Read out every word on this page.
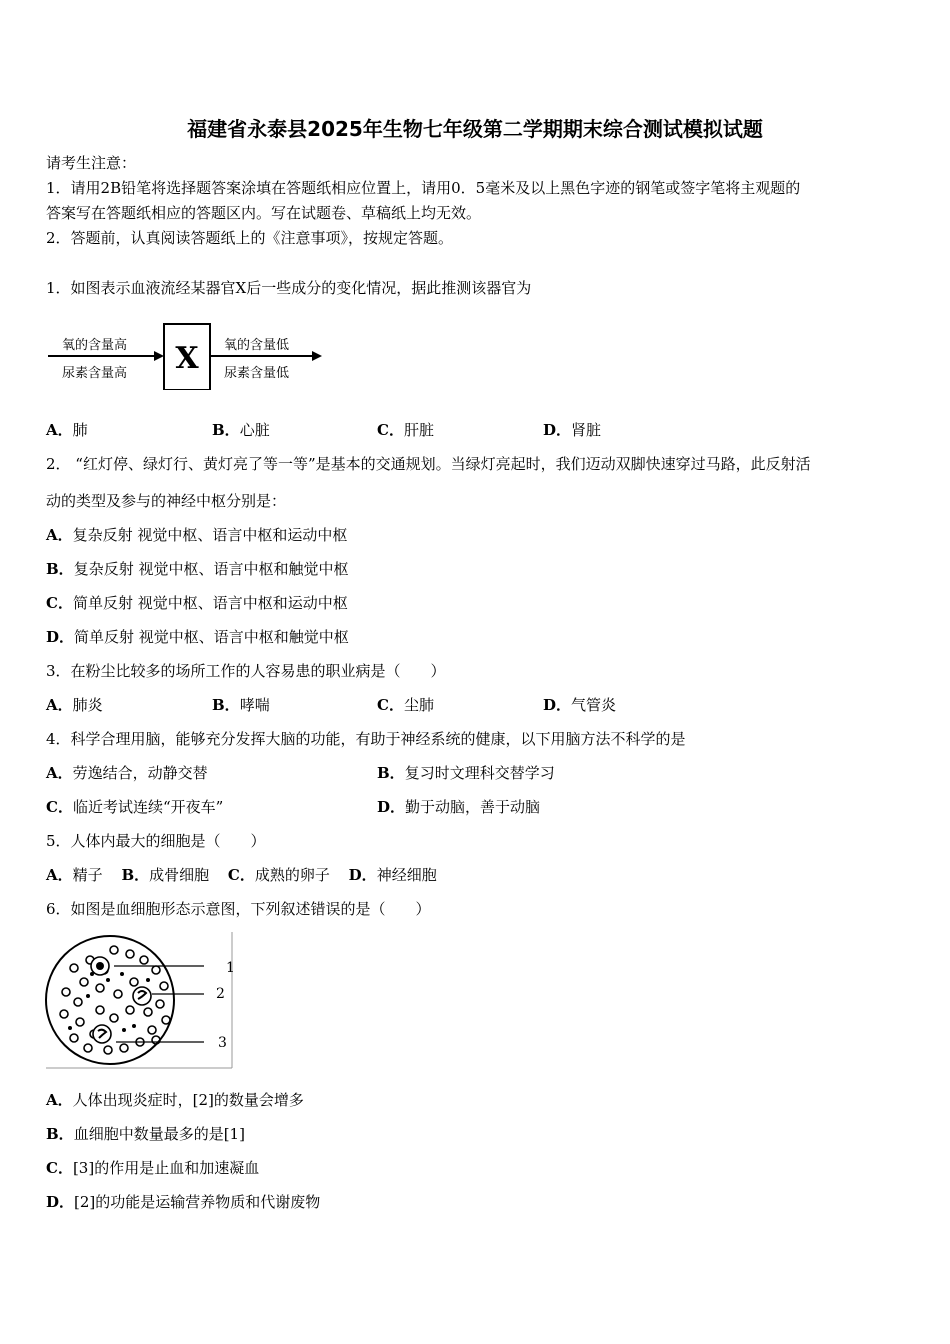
福建省永泰县2025年生物七年级第二学期期末综合测试模拟试题
请考生注意：
1．请用2B铅笔将选择题答案涂填在答题纸相应位置上，请用0．5毫米及以上黑色字迹的钢笔或签字笔将主观题的
答案写在答题纸相应的答题区内。写在试题卷、草稿纸上均无效。
2．答题前，认真阅读答题纸上的《注意事项》，按规定答题。
1．如图表示血液流经某器官X后一些成分的变化情况，据此推测该器官为
X
氧的含量高
尿素含量高
氧的含量低
尿素含量低
A．肺	B．心脏	C．肝脏	D．肾脏
2． “红灯停、绿灯行、黄灯亮了等一等”是基本的交通规划。当绿灯亮起时，我们迈动双脚快速穿过马路，此反射活
动的类型及参与的神经中枢分别是：
A．复杂反射 视觉中枢、语言中枢和运动中枢
B．复杂反射 视觉中枢、语言中枢和触觉中枢
C．简单反射 视觉中枢、语言中枢和运动中枢
D．简单反射 视觉中枢、语言中枢和触觉中枢
3．在粉尘比较多的场所工作的人容易患的职业病是（　　）
A．肺炎	B．哮喘	C．尘肺	D．气管炎
4．科学合理用脑，能够充分发挥大脑的功能，有助于神经系统的健康，以下用脑方法不科学的是
A．劳逸结合，动静交替	B．复习时文理科交替学习
C．临近考试连续“开夜车”	D．勤于动脑，善于动脑
5．人体内最大的细胞是（　　）
A．精子 B．成骨细胞 C．成熟的卵子 D．神经细胞
6．如图是血细胞形态示意图，下列叙述错误的是（　　）
1
2
3
A．人体出现炎症时，[2]的数量会增多
B．血细胞中数量最多的是[1]
C．[3]的作用是止血和加速凝血
D．[2]的功能是运输营养物质和代谢废物
